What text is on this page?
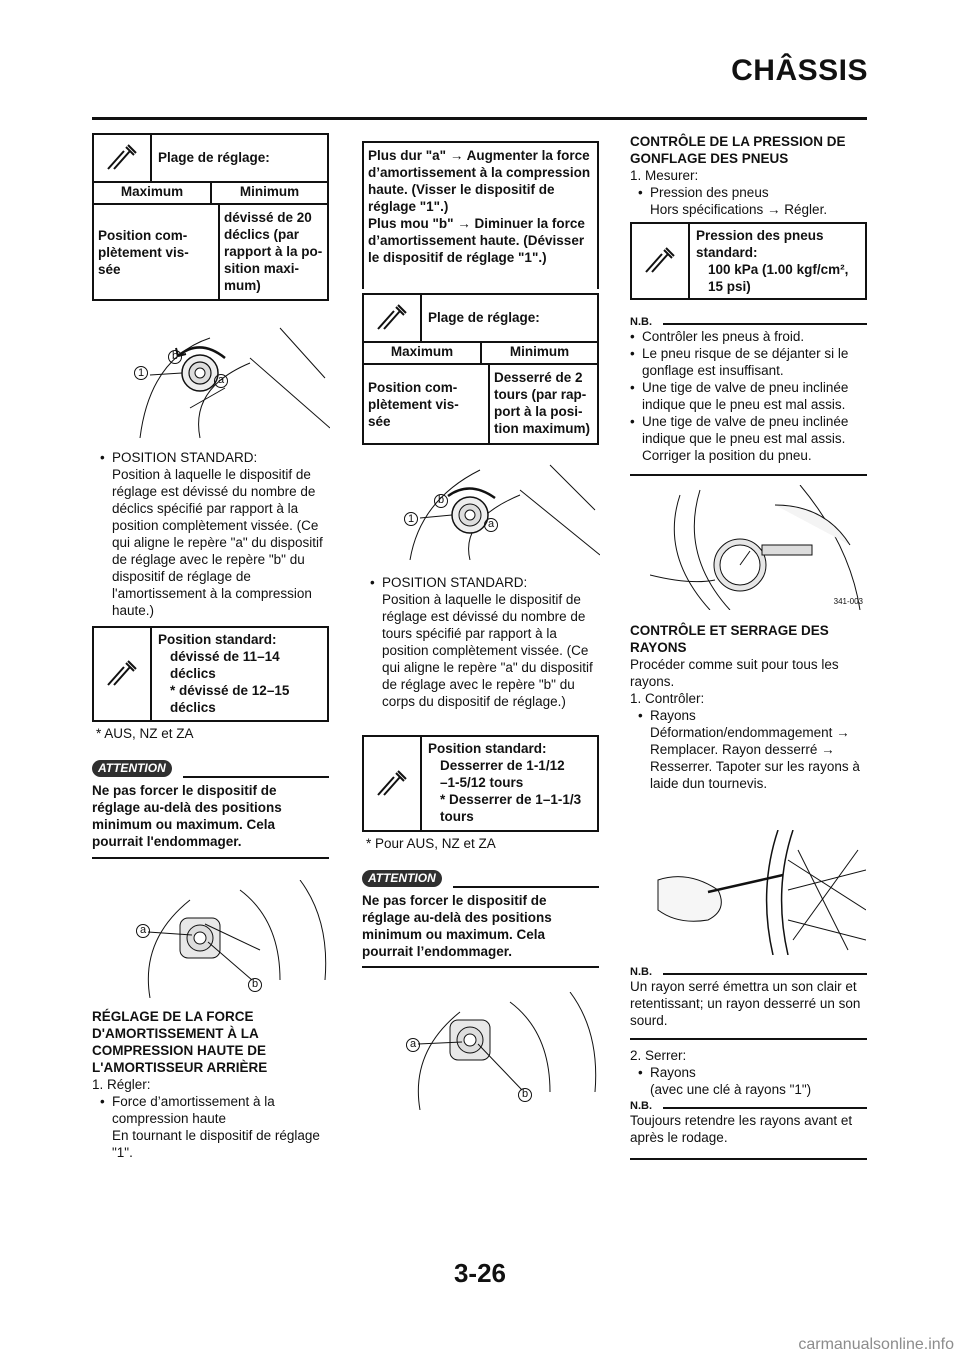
CHÂSSIS
Plage de réglage:
Maximum	Minimum
Position com-
plètement vis-
sée
dévissé de 20
déclics (par
rapport à la po-
sition maxi-
mum)
1
b
a
• POSITION STANDARD:
Position à laquelle le dispositif de réglage est dévissé du nombre de déclics spécifié par rapport à la position complètement vissée. (Ce qui aligne le repère "a" du dispositif de réglage avec le repère "b" du dispositif de réglage de l'amortissement à la compression haute.)
Position standard:
dévissé de 11–14
déclics
* dévissé de 12–15
déclics
* AUS, NZ et ZA
ATTENTION
Ne pas forcer le dispositif de réglage au-delà des positions minimum ou maximum. Cela pourrait l'endommager.
a
b
RÉGLAGE DE LA FORCE D'AMORTISSEMENT À LA COMPRESSION HAUTE DE L'AMORTISSEUR ARRIÈRE
1. Régler:
• Force d’amortissement à la compression haute
En tournant le dispositif de réglage "1".
Plus dur "a" → Augmenter la force d’amortissement à la compression haute. (Visser le dispositif de réglage "1".)
Plus mou "b" → Diminuer la force d’amortissement haute. (Dévisser le dispositif de réglage "1".)
Plage de réglage:
Maximum	Minimum
Position com-
plètement vis-
sée
Desserré de 2
tours (par rap-
port à la posi-
tion maximum)
1
b
a
• POSITION STANDARD:
Position à laquelle le dispositif de réglage est dévissé du nombre de tours spécifié par rapport à la position complètement vissée. (Ce qui aligne le repère "a" du dispositif de réglage avec le repère "b" du corps du dispositif de réglage.)
Position standard:
Desserrer de 1-1/12
–1-5/12 tours
* Desserrer de 1–1-1/3
tours
* Pour AUS, NZ et ZA
ATTENTION
Ne pas forcer le dispositif de réglage au-delà des positions minimum ou maximum. Cela pourrait l’endommager.
a
b
CONTRÔLE DE LA PRESSION DE GONFLAGE DES PNEUS
1. Mesurer:
• Pression des pneus
Hors spécifications → Régler.
Pression des pneus standard:
100 kPa (1.00 kgf/cm², 15 psi)
N.B.
• Contrôler les pneus à froid.
• Le pneu risque de se déjanter si le gonflage est insuffisant.
• Une tige de valve de pneu inclinée indique que le pneu est mal assis.
• Une tige de valve de pneu inclinée indique que le pneu est mal assis. Corriger la position du pneu.
341-003
CONTRÔLE ET SERRAGE DES RAYONS
Procéder comme suit pour tous les rayons.
1. Contrôler:
• Rayons
Déformation/endommagement → Remplacer. Rayon desserré → Resserrer. Tapoter sur les rayons à laide dun tournevis.
N.B.
Un rayon serré émettra un son clair et retentissant; un rayon desserré un son sourd.
2. Serrer:
• Rayons
(avec une clé à rayons "1")
N.B.
Toujours retendre les rayons avant et après le rodage.
3-26
carmanualsonline.info
